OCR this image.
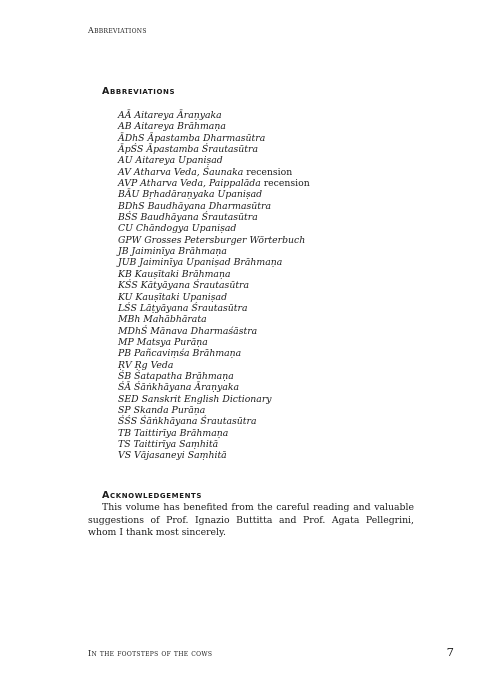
Abbreviations
Abbreviations
AĀ Aitareya Āraṇyaka
AB Aitareya Brāhmaṇa
ĀDhS Āpastamba Dharmasūtra
ĀpŚS Āpastamba Śrautasūtra
AU Aitareya Upaniṣad
AV Atharva Veda, Śaunaka recension
AVP Atharva Veda, Paippalāda recension
BĀU Bṛhadāraṇyaka Upaniṣad
BDhS Baudhāyana Dharmasūtra
BŚS Baudhāyana Śrautasūtra
CU Chāndogya Upaniṣad
GPW Grosses Petersburger Wörterbuch
JB Jaiminīya Brāhmaṇa
JUB Jaiminīya Upaniṣad Brāhmaṇa
KB Kauṣītaki Brāhmaṇa
KŚS Kātyāyana Śrautasūtra
KU Kauṣītaki Upaniṣad
LŚS Lāṭyāyana Śrautasūtra
MBh Mahābhārata
MDhŚ Mānava Dharmaśāstra
MP Matsya Purāṇa
PB Pañcaviṃśa Brāhmaṇa
ṚV Ṛg Veda
ŚB Śatapatha Brāhmaṇa
ŚĀ Śāṅkhāyana Āraṇyaka
SED Sanskrit English Dictionary
SP Skanda Purāṇa
ŚŚS Śāṅkhāyana Śrautasūtra
TB Taittirīya Brāhmaṇa
TS Taittirīya Saṃhitā
VS Vājasaneyi Saṃhitā
Acknowledgements

This volume has benefited from the careful reading and valuable suggestions of Prof. Ignazio Buttitta and Prof. Agata Pellegrini, whom I thank most sincerely.

In the footsteps of the cows	7
